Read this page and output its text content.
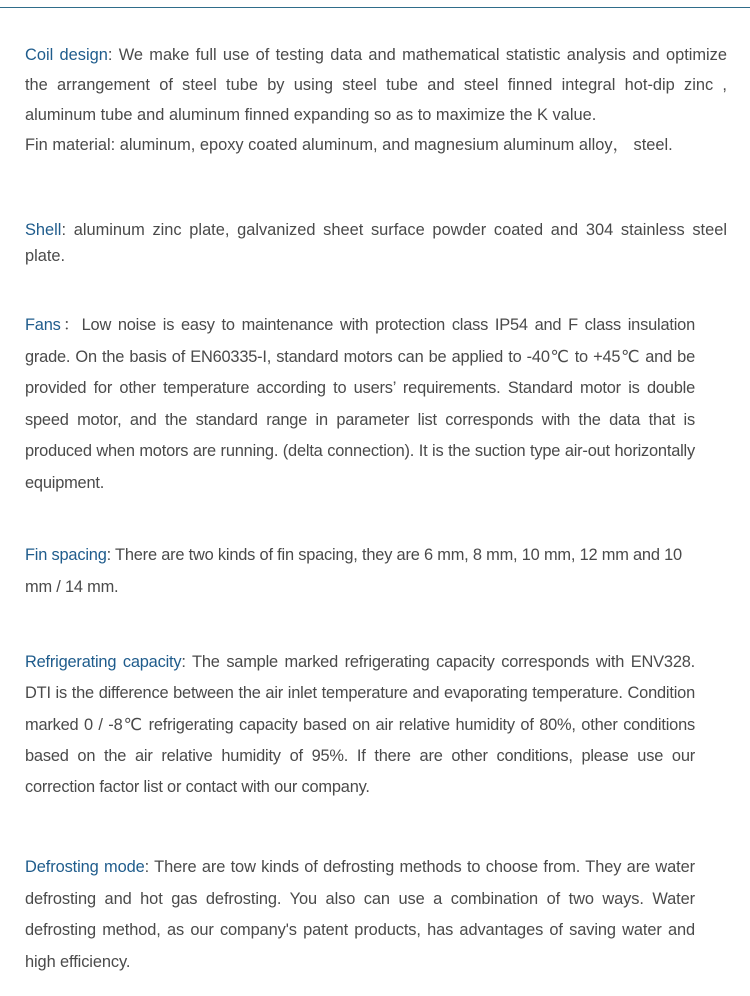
Coil design: We make full use of testing data and mathematical statistic analysis and optimize the arrangement of steel tube by using steel tube and steel finned integral hot-dip zinc , aluminum tube and aluminum finned expanding so as to maximize the K value.
Fin material: aluminum, epoxy coated aluminum, and magnesium aluminum alloy， steel.

Shell: aluminum zinc plate, galvanized sheet surface powder coated and 304 stainless steel plate.

Fans：Low noise is easy to maintenance with protection class IP54 and F class insulation grade. On the basis of EN60335-I, standard motors can be applied to -40℃ to +45℃ and be provided for other temperature according to users’ requirements. Standard motor is double speed motor, and the standard range in parameter list corresponds with the data that is produced when motors are running. (delta connection). It is the suction type air-out horizontally equipment.

Fin spacing: There are two kinds of fin spacing, they are 6 mm, 8 mm, 10 mm, 12 mm and 10 mm / 14 mm.

Refrigerating capacity: The sample marked refrigerating capacity corresponds with ENV328. DTI is the difference between the air inlet temperature and evaporating temperature. Condition marked 0 / -8℃ refrigerating capacity based on air relative humidity of 80%, other conditions based on the air relative humidity of 95%. If there are other conditions, please use our correction factor list or contact with our company.

Defrosting mode: There are tow kinds of defrosting methods to choose from. They are water defrosting and hot gas defrosting. You also can use a combination of two ways. Water defrosting method, as our company's patent products, has advantages of saving water and high efficiency.
